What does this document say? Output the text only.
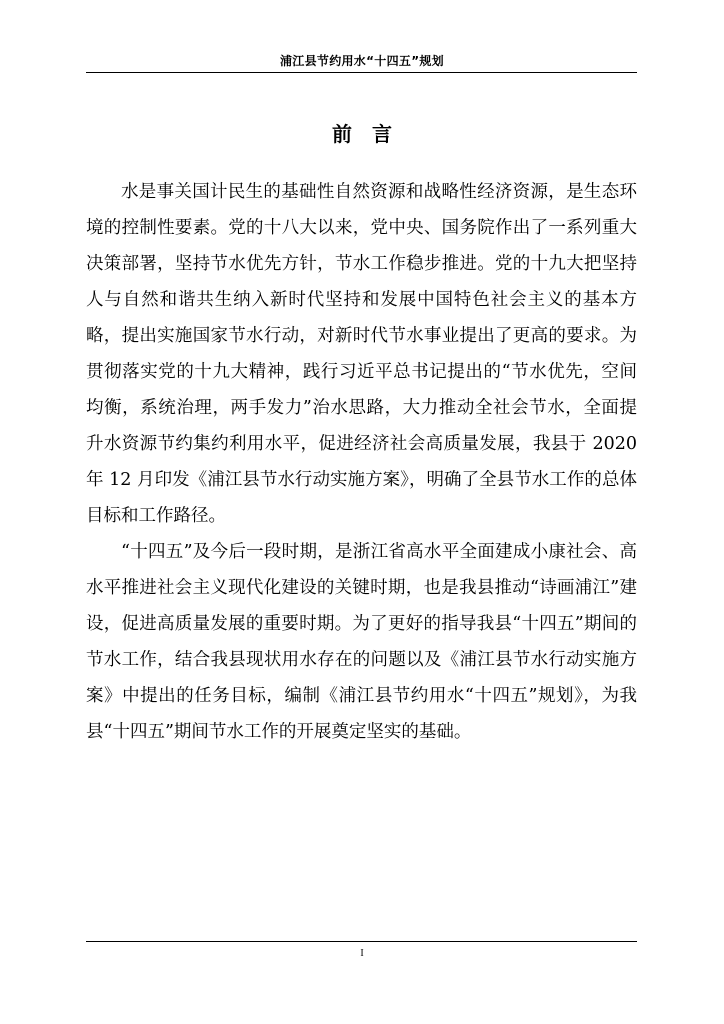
浦江县节约用水“十四五”规划
前　言

水是事关国计民生的基础性自然资源和战略性经济资源，是生态环境的控制性要素。党的十八大以来，党中央、国务院作出了一系列重大决策部署，坚持节水优先方针，节水工作稳步推进。党的十九大把坚持人与自然和谐共生纳入新时代坚持和发展中国特色社会主义的基本方略，提出实施国家节水行动，对新时代节水事业提出了更高的要求。为贯彻落实党的十九大精神，践行习近平总书记提出的“节水优先，空间均衡，系统治理，两手发力”治水思路，大力推动全社会节水，全面提升水资源节约集约利用水平，促进经济社会高质量发展，我县于 2020 年 12 月印发《浦江县节水行动实施方案》，明确了全县节水工作的总体目标和工作路径。

“十四五”及今后一段时期，是浙江省高水平全面建成小康社会、高水平推进社会主义现代化建设的关键时期，也是我县推动“诗画浦江”建设，促进高质量发展的重要时期。为了更好的指导我县“十四五”期间的节水工作，结合我县现状用水存在的问题以及《浦江县节水行动实施方案》中提出的任务目标，编制《浦江县节约用水“十四五”规划》，为我县“十四五”期间节水工作的开展奠定坚实的基础。

I
